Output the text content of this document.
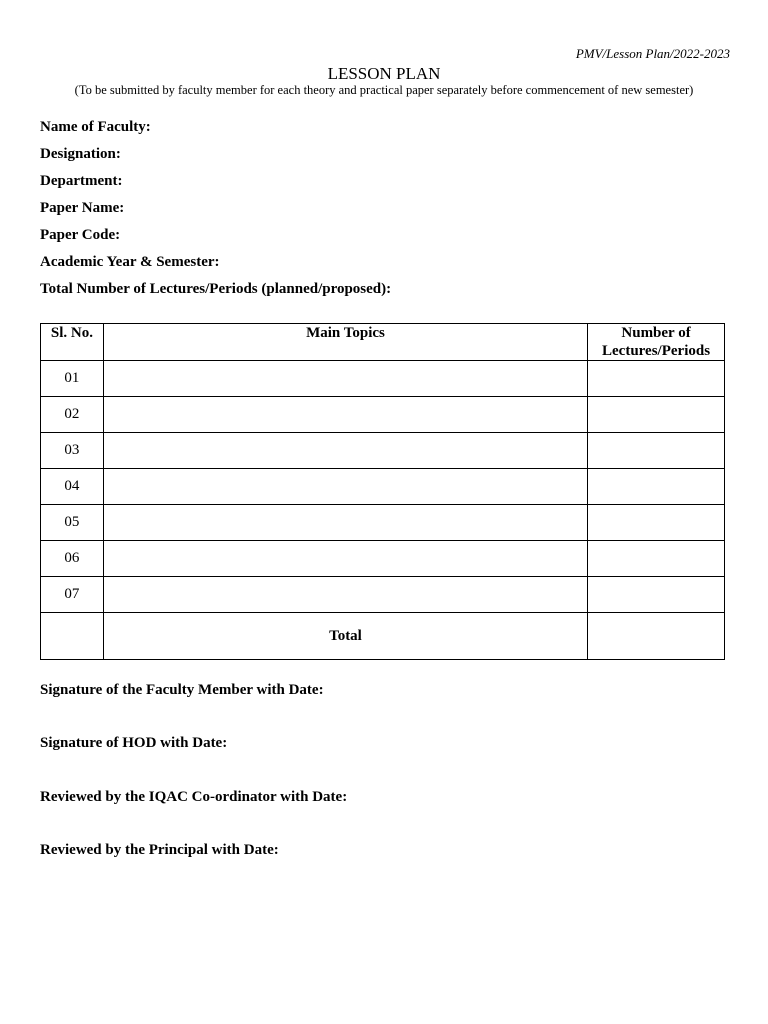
PMV/Lesson Plan/2022-2023
LESSON PLAN
(To be submitted by faculty member for each theory and practical paper separately before commencement of new semester)
Name of Faculty:
Designation:
Department:
Paper Name:
Paper Code:
Academic Year & Semester:
Total Number of Lectures/Periods (planned/proposed):
Sl. No.	Main Topics	Number of
Lectures/Periods
01		
02		
03		
04		
05		
06		
07		
	Total	
Signature of the Faculty Member with Date:
Signature of HOD with Date:
Reviewed by the IQAC Co-ordinator with Date:
Reviewed by the Principal with Date:
